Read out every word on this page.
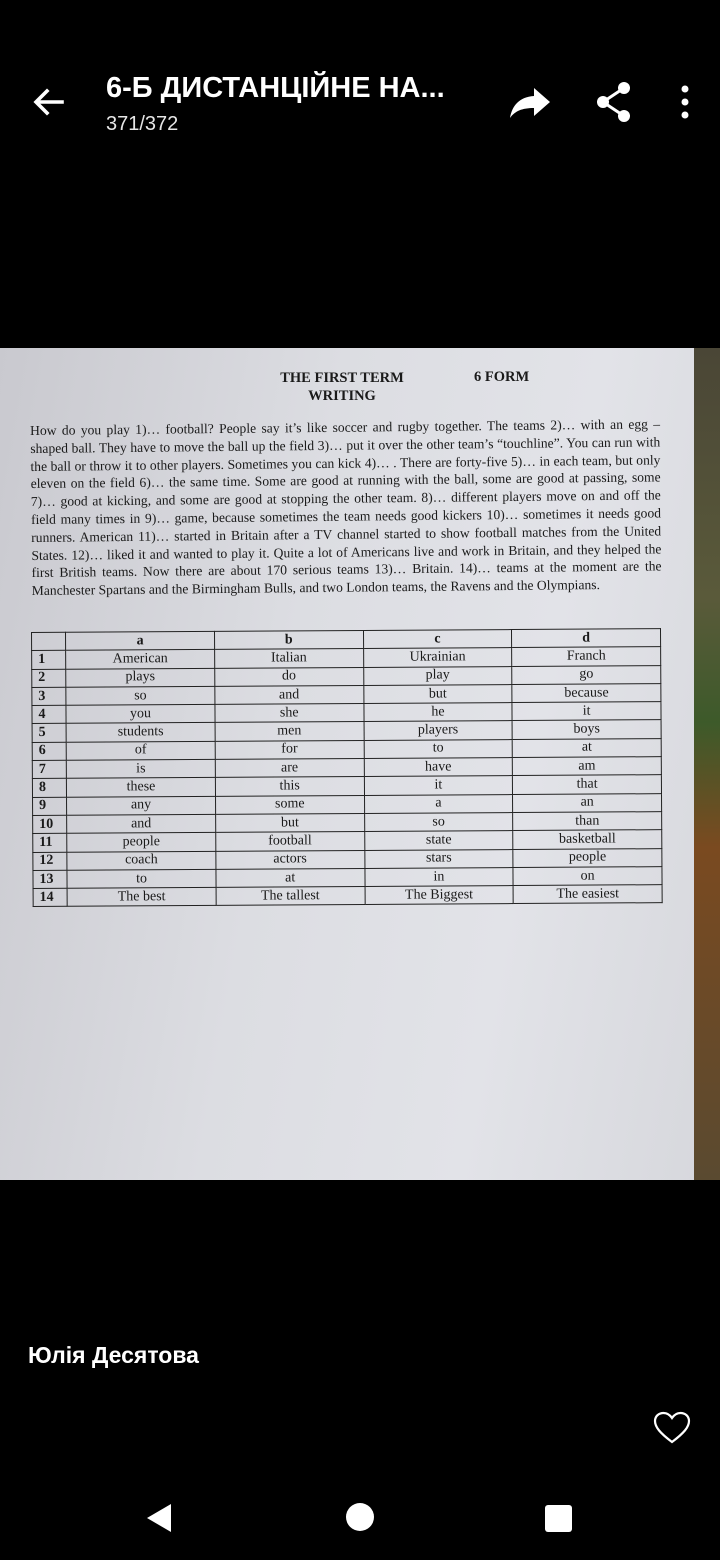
6-Б ДИСТАНЦІЙНЕ НА...
371/372
THE FIRST TERM
WRITING
6 FORM
How do you play 1)… football? People say it’s like soccer and rugby together. The teams 2)… with an egg – shaped ball. They have to move the ball up the field 3)… put it over the other team’s “touchline”. You can run with the ball or throw it to other players. Sometimes you can kick 4)… . There are forty-five 5)… in each team, but only eleven on the field 6)… the same time. Some are good at running with the ball, some are good at passing, some 7)… good at kicking, and some are good at stopping the other team. 8)… different players move on and off the field many times in 9)… game, because sometimes the team needs good kickers 10)… sometimes it needs good runners. American 11)… started in Britain after a TV channel started to show football matches from the United States. 12)… liked it and wanted to play it. Quite a lot of Americans live and work in Britain, and they helped the first British teams. Now there are about 170 serious teams 13)… Britain. 14)… teams at the moment are the Manchester Spartans and the Birmingham Bulls, and two London teams, the Ravens and the Olympians.
	a	b	c	d
1	American	Italian	Ukrainian	Franch
2	plays	do	play	go
3	so	and	but	because
4	you	she	he	it
5	students	men	players	boys
6	of	for	to	at
7	is	are	have	am
8	these	this	it	that
9	any	some	a	an
10	and	but	so	than
11	people	football	state	basketball
12	coach	actors	stars	people
13	to	at	in	on
14	The best	The tallest	The Biggest	The easiest
Юлія Десятова
